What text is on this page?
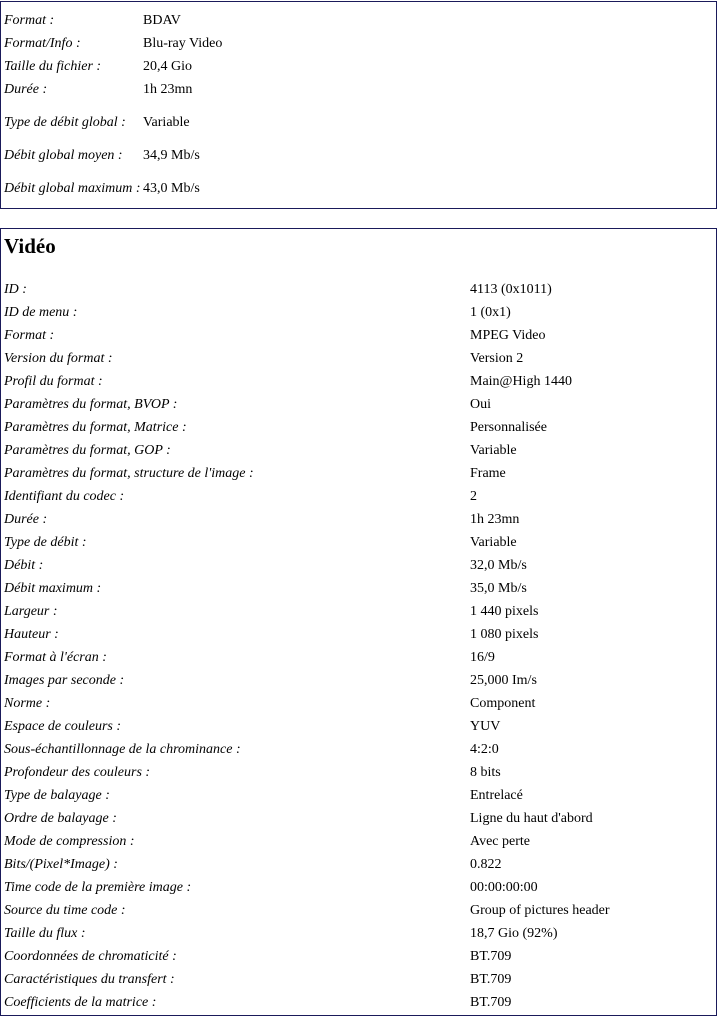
Format :	BDAV
Format/Info :	Blu-ray Video
Taille du fichier :	20,4 Gio
Durée :	1h 23mn
Type de débit global :	Variable
Débit global moyen :	34,9 Mb/s
Débit global maximum : 43,0 Mb/s
Vidéo
ID :	4113 (0x1011)
ID de menu :	1 (0x1)
Format :	MPEG Video
Version du format :	Version 2
Profil du format :	Main@High 1440
Paramètres du format, BVOP :	Oui
Paramètres du format, Matrice :	Personnalisée
Paramètres du format, GOP :	Variable
Paramètres du format, structure de l'image :	Frame
Identifiant du codec :	2
Durée :	1h 23mn
Type de débit :	Variable
Débit :	32,0 Mb/s
Débit maximum :	35,0 Mb/s
Largeur :	1 440 pixels
Hauteur :	1 080 pixels
Format à l'écran :	16/9
Images par seconde :	25,000 Im/s
Norme :	Component
Espace de couleurs :	YUV
Sous-échantillonnage de la chrominance :	4:2:0
Profondeur des couleurs :	8 bits
Type de balayage :	Entrelacé
Ordre de balayage :	Ligne du haut d'abord
Mode de compression :	Avec perte
Bits/(Pixel*Image) :	0.822
Time code de la première image :	00:00:00:00
Source du time code :	Group of pictures header
Taille du flux :	18,7 Gio (92%)
Coordonnées de chromaticité :	BT.709
Caractéristiques du transfert :	BT.709
Coefficients de la matrice :	BT.709
